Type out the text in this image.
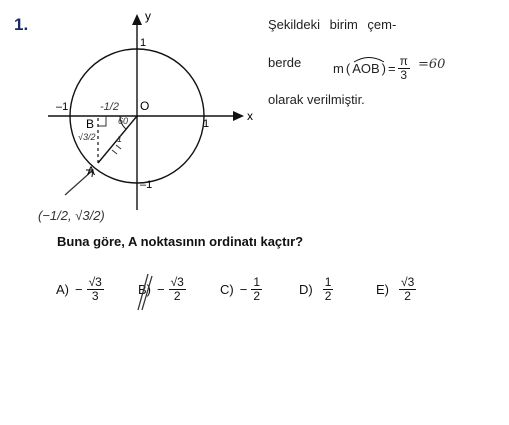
1.	y
x
1
–1
1
–1
O
B
A
-1/2
60
√3/2 1
(−1/2, √3/2)
Şekildeki birim çem-
berde m ( AOB ) = $\frac{\pi}{3} =60$
olarak verilmiştir.
Buna göre, A noktasının ordinatı kaçtır?
$A) - \frac{√3}{3}$	$B) - \frac{√3}{2}$	$C) - \frac{1}{2}$	$D) \frac{1}{2}$	$E) \frac{√3}{2}$
